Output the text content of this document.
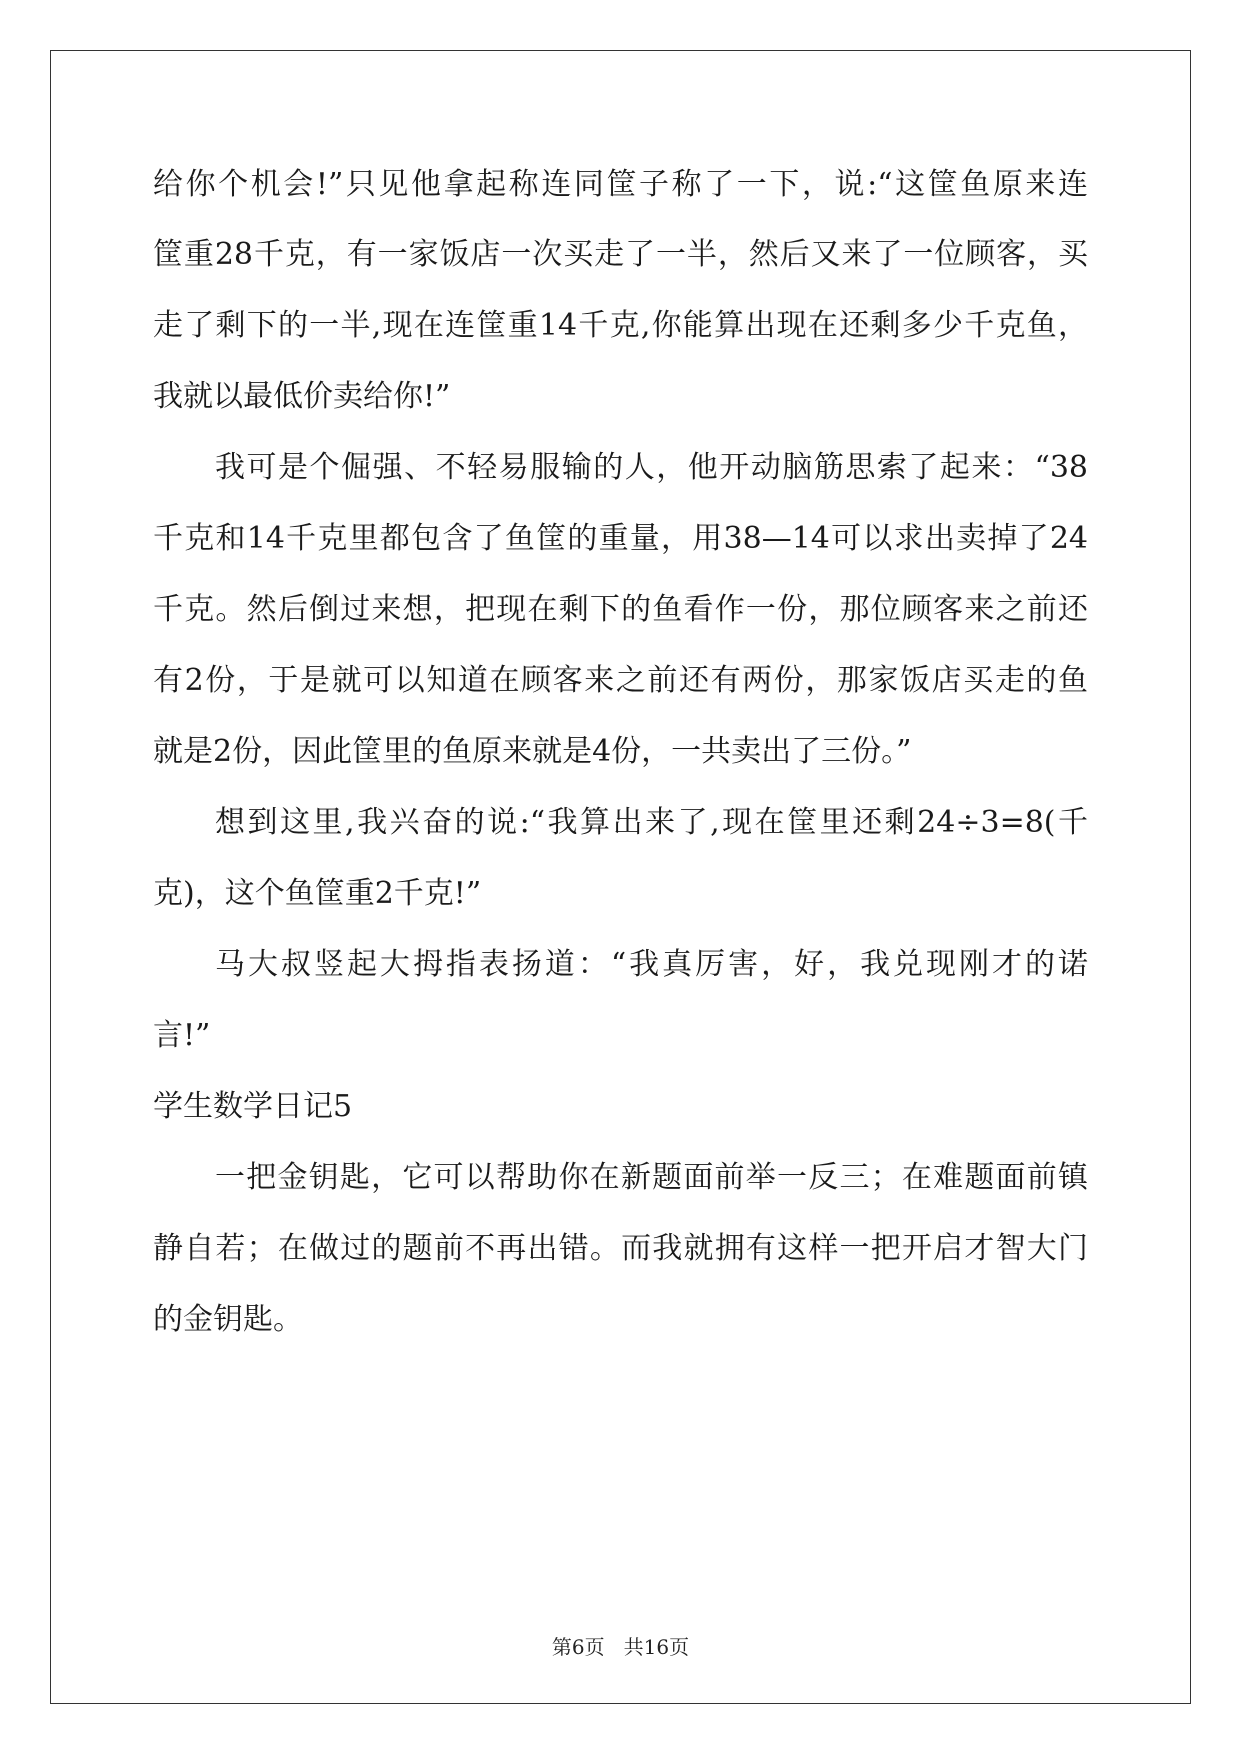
给你个机会!”只见他拿起称连同筐子称了一下，说:“这筐鱼原来连
筐重28千克，有一家饭店一次买走了一半，然后又来了一位顾客，买
走了剩下的一半,现在连筐重14千克,你能算出现在还剩多少千克鱼，
我就以最低价卖给你!”
我可是个倔强、不轻易服输的人，他开动脑筋思索了起来：“38
千克和14千克里都包含了鱼筐的重量，用38—14可以求出卖掉了24
千克。然后倒过来想，把现在剩下的鱼看作一份，那位顾客来之前还
有2份，于是就可以知道在顾客来之前还有两份，那家饭店买走的鱼
就是2份，因此筐里的鱼原来就是4份，一共卖出了三份。”
想到这里,我兴奋的说:“我算出来了,现在筐里还剩24÷3=8(千
克)，这个鱼筐重2千克!”
马大叔竖起大拇指表扬道：“我真厉害，好，我兑现刚才的诺
言!”
学生数学日记5
一把金钥匙，它可以帮助你在新题面前举一反三；在难题面前镇
静自若；在做过的题前不再出错。而我就拥有这样一把开启才智大门
的金钥匙。
第6页   共16页
